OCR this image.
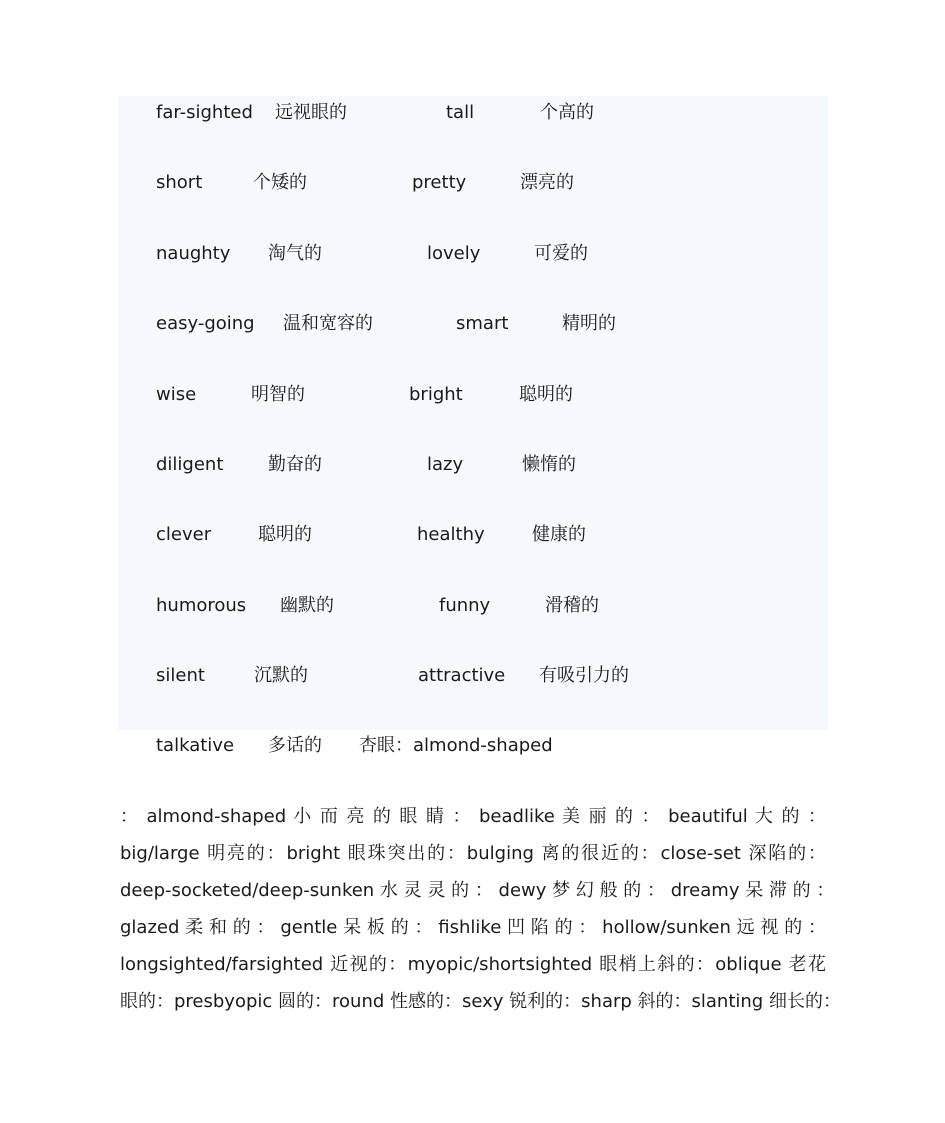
far-sighted 远视眼的	tall	个高的
short	个矮的	pretty	漂亮的
naughty 淘气的	lovely	可爱的
easy-going 温和宽容的	smart	精明的
wise	明智的	bright	聪明的
diligent 勤奋的	lazy	懒惰的
clever	聪明的	healthy	健康的
humorous 幽默的	funny	滑稽的
silent	沉默的	attractive 有吸引力的
talkative 多话的 杏眼：almond-shaped
： almond-shaped 小 而 亮 的 眼 睛 ： beadlike 美 丽 的 ： beautiful 大 的 ：
big/large 明亮的：bright 眼珠突出的：bulging 离的很近的：close-set 深陷的：
deep-socketed/deep-sunken 水 灵 灵 的 ： dewy 梦 幻 般 的 ： dreamy 呆 滞 的 ：
glazed 柔 和 的 ： gentle 呆 板 的 ： fishlike 凹 陷 的 ： hollow/sunken 远 视 的 ：
longsighted/farsighted 近视的：myopic/shortsighted 眼梢上斜的：oblique 老花
眼的：presbyopic 圆的：round 性感的：sexy 锐利的：sharp 斜的：slanting 细长的：
